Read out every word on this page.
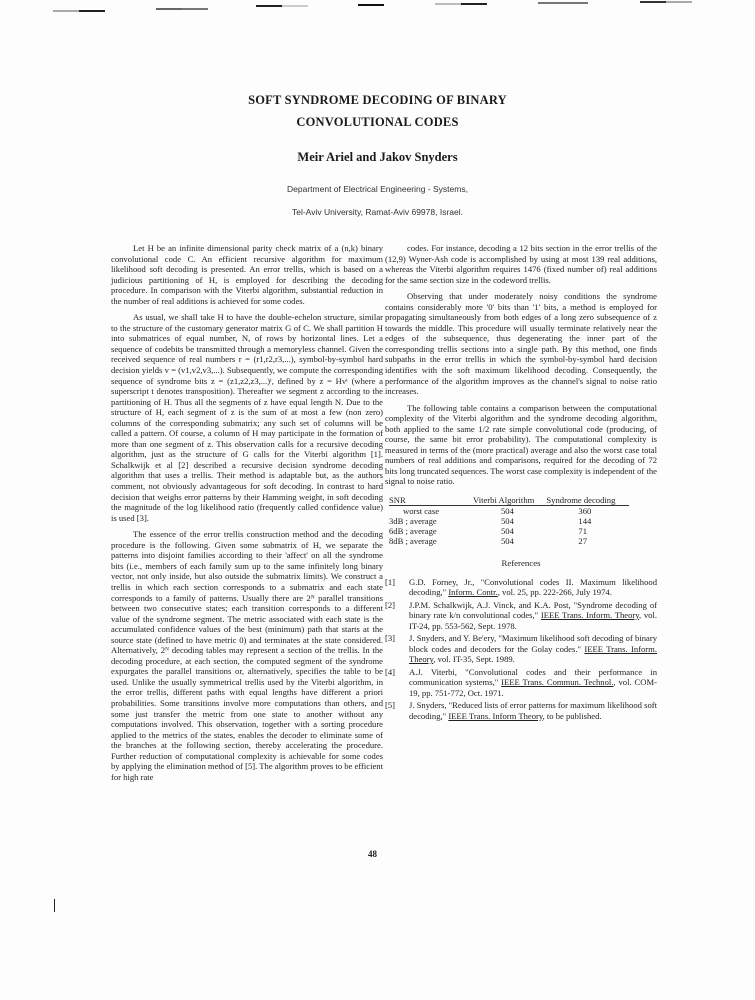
SOFT SYNDROME DECODING OF BINARY
CONVOLUTIONAL CODES
Meir Ariel and Jakov Snyders
Department of Electrical Engineering - Systems,
Tel-Aviv University, Ramat-Aviv 69978, Israel.

Let H be an infinite dimensional parity check matrix of a (n,k) binary convolutional code C. An efficient recursive algorithm for maximum likelihood soft decoding is presented. An error trellis, which is based on a judicious partitioning of H, is employed for describing the decoding procedure. In comparison with the Viterbi algorithm, substantial reduction in the number of real additions is achieved for some codes.

As usual, we shall take H to have the double-echelon structure, similar to the structure of the customary generator matrix G of C. We shall partition H into submatrices of equal number, N, of rows by horizontal lines. Let a sequence of codebits be transmitted through a memoryless channel. Given the received sequence of real numbers r = (r1,r2,r3,...), symbol-by-symbol hard decision yields v = (v1,v2,v3,...). Subsequently, we compute the corresponding sequence of syndrome bits z = (z1,z2,z3,...)ᵗ, defined by z = Hvᵗ (where a superscript t denotes transposition). Thereafter we segment z according to the partitioning of H. Thus all the segments of z have equal length N. Due to the structure of H, each segment of z is the sum of at most a few (non zero) columns of the corresponding submatrix; any such set of columns will be called a pattern. Of course, a column of H may participate in the formation of more than one segment of z. This observation calls for a recursive decoding algorithm, just as the structure of G calls for the Viterbi algorithm [1]. Schalkwijk et al [2] described a recursive decision syndrome decoding algorithm that uses a trellis. Their method is adaptable but, as the authors comment, not obviously advantageous for soft decoding. In contrast to hard decision that weighs error patterns by their Hamming weight, in soft decoding the magnitude of the log likelihood ratio (frequently called confidence value) is used [3].

The essence of the error trellis construction method and the decoding procedure is the following. Given some submatrix of H, we separate the patterns into disjoint families according to their 'affect' on all the syndrome bits (i.e., members of each family sum up to the same infinitely long binary vector, not only inside, but also outside the submatrix limits). We construct a trellis in which each section corresponds to a submatrix and each state corresponds to a family of patterns. Usually there are 2ᴺ parallel transitions between two consecutive states; each transition corresponds to a different value of the syndrome segment. The metric associated with each state is the accumulated confidence values of the best (minimum) path that starts at the source state (defined to have metric 0) and terminates at the state considered. Alternatively, 2ᴺ decoding tables may represent a section of the trellis. In the decoding procedure, at each section, the computed segment of the syndrome expurgates the parallel transitions or, alternatively, specifies the table to be used. Unlike the usually symmetrical trellis used by the Viterbi algorithm, in the error trellis, different paths with equal lengths have different a priori probabilities. Some transitions involve more computations than others, and some just transfer the metric from one state to another without any computations involved. This observation, together with a sorting procedure applied to the metrics of the states, enables the decoder to eliminate some of the branches at the following section, thereby accelerating the procedure. Further reduction of computational complexity is achievable for some codes by applying the elimination method of [5]. The algorithm proves to be efficient for high rate

codes. For instance, decoding a 12 bits section in the error trellis of the (12,9) Wyner-Ash code is accomplished by using at most 139 real additions, whereas the Viterbi algorithm requires 1476 (fixed number of) real additions for the same section size in the codeword trellis.

Observing that under moderately noisy conditions the syndrome contains considerably more '0' bits than '1' bits, a method is employed for propagating simultaneously from both edges of a long zero subsequence of z towards the middle. This procedure will usually terminate relatively near the edges of the subsequence, thus degenerating the inner part of the corresponding trellis sections into a single path. By this method, one finds subpaths in the error trellis in which the symbol-by-symbol hard decision identifies with the soft maximum likelihood decoding. Consequently, the performance of the algorithm improves as the channel's signal to noise ratio increases.

The following table contains a comparison between the computational complexity of the Viterbi algorithm and the syndrome decoding algorithm, both applied to the same 1/2 rate simple convolutional code (producing, of course, the same bit error probability). The computational complexity is measured in terms of the (more practical) average and also the worst case total numbers of real additions and comparisons, required for the decoding of 72 bits long truncated sequences. The worst case complexity is independent of the signal to noise ratio.

SNR	Viterbi Algorithm	Syndrome decoding
worst case	504	360
3dB ; average	504	144
6dB ; average	504	71
8dB ; average	504	27
References
[1]	G.D. Forney, Jr., "Convolutional codes II. Maximum likelihood decoding," Inform. Contr., vol. 25, pp. 222-266, July 1974.
[2]	J.P.M. Schalkwijk, A.J. Vinck, and K.A. Post, "Syndrome decoding of binary rate k/n convolutional codes," IEEE Trans. Inform. Theory, vol. IT-24, pp. 553-562, Sept. 1978.
[3]	J. Snyders, and Y. Be'ery, "Maximum likelihood soft decoding of binary block codes and decoders for the Golay codes." IEEE Trans. Inform. Theory, vol. IT-35, Sept. 1989.
[4]	A.J. Viterbi, "Convolutional codes and their performance in communication systems," IEEE Trans. Commun. Technol., vol. COM-19, pp. 751-772, Oct. 1971.
[5]	J. Snyders, "Reduced lists of error patterns for maximum likelihood soft decoding," IEEE Trans. Inform Theory, to be published.
48
